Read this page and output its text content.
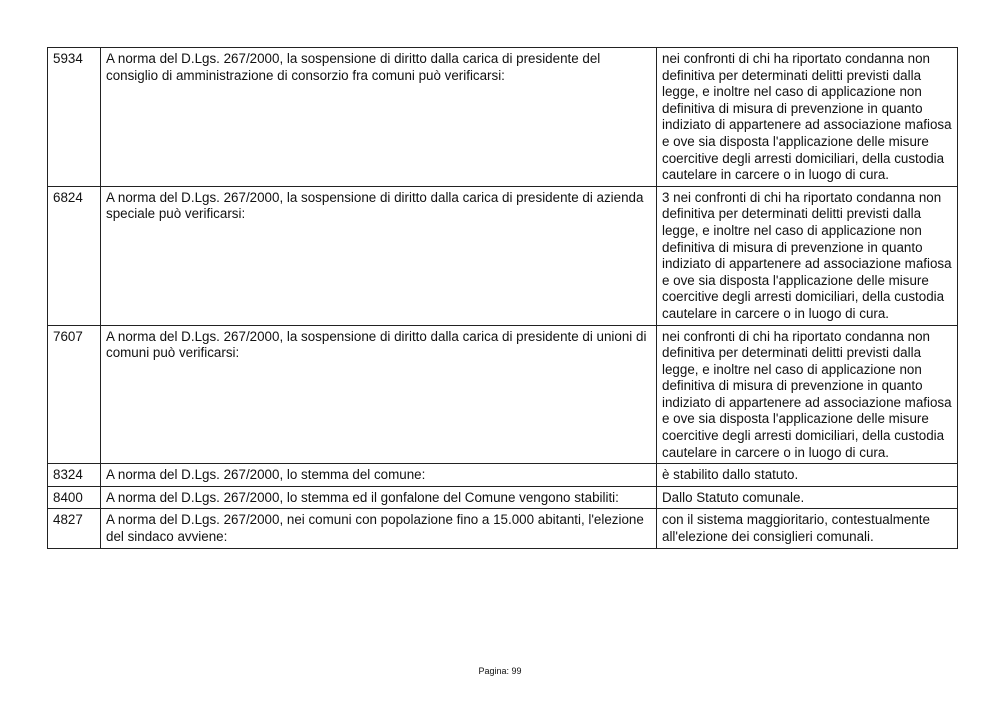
5934	A norma del D.Lgs. 267/2000, la sospensione di diritto dalla carica di presidente del consiglio di amministrazione di consorzio fra comuni può verificarsi:	nei confronti di chi ha riportato condanna non definitiva per determinati delitti previsti dalla legge, e inoltre nel caso di applicazione non definitiva di misura di prevenzione in quanto indiziato di appartenere ad associazione mafiosa e ove sia disposta l'applicazione delle misure coercitive degli arresti domiciliari, della custodia cautelare in carcere o in luogo di cura.
6824	A norma del D.Lgs. 267/2000, la sospensione di diritto dalla carica di presidente di azienda speciale può verificarsi:	3 nei confronti di chi ha riportato condanna non definitiva per determinati delitti previsti dalla legge, e inoltre nel caso di applicazione non definitiva di misura di prevenzione in quanto indiziato di appartenere ad associazione mafiosa e ove sia disposta l'applicazione delle misure coercitive degli arresti domiciliari, della custodia cautelare in carcere o in luogo di cura.
7607	A norma del D.Lgs. 267/2000, la sospensione di diritto dalla carica di presidente di unioni di comuni può verificarsi:	nei confronti di chi ha riportato condanna non definitiva per determinati delitti previsti dalla legge, e inoltre nel caso di applicazione non definitiva di misura di prevenzione in quanto indiziato di appartenere ad associazione mafiosa e ove sia disposta l'applicazione delle misure coercitive degli arresti domiciliari, della custodia cautelare in carcere o in luogo di cura.
8324	A norma del D.Lgs. 267/2000, lo stemma del comune:	è stabilito dallo statuto.
8400	A norma del D.Lgs. 267/2000, lo stemma ed il gonfalone del Comune vengono stabiliti:	Dallo Statuto comunale.
4827	A norma del D.Lgs. 267/2000, nei comuni con popolazione fino a 15.000 abitanti, l'elezione del sindaco avviene:	con il sistema maggioritario, contestualmente all'elezione dei consiglieri comunali.
Pagina: 99
